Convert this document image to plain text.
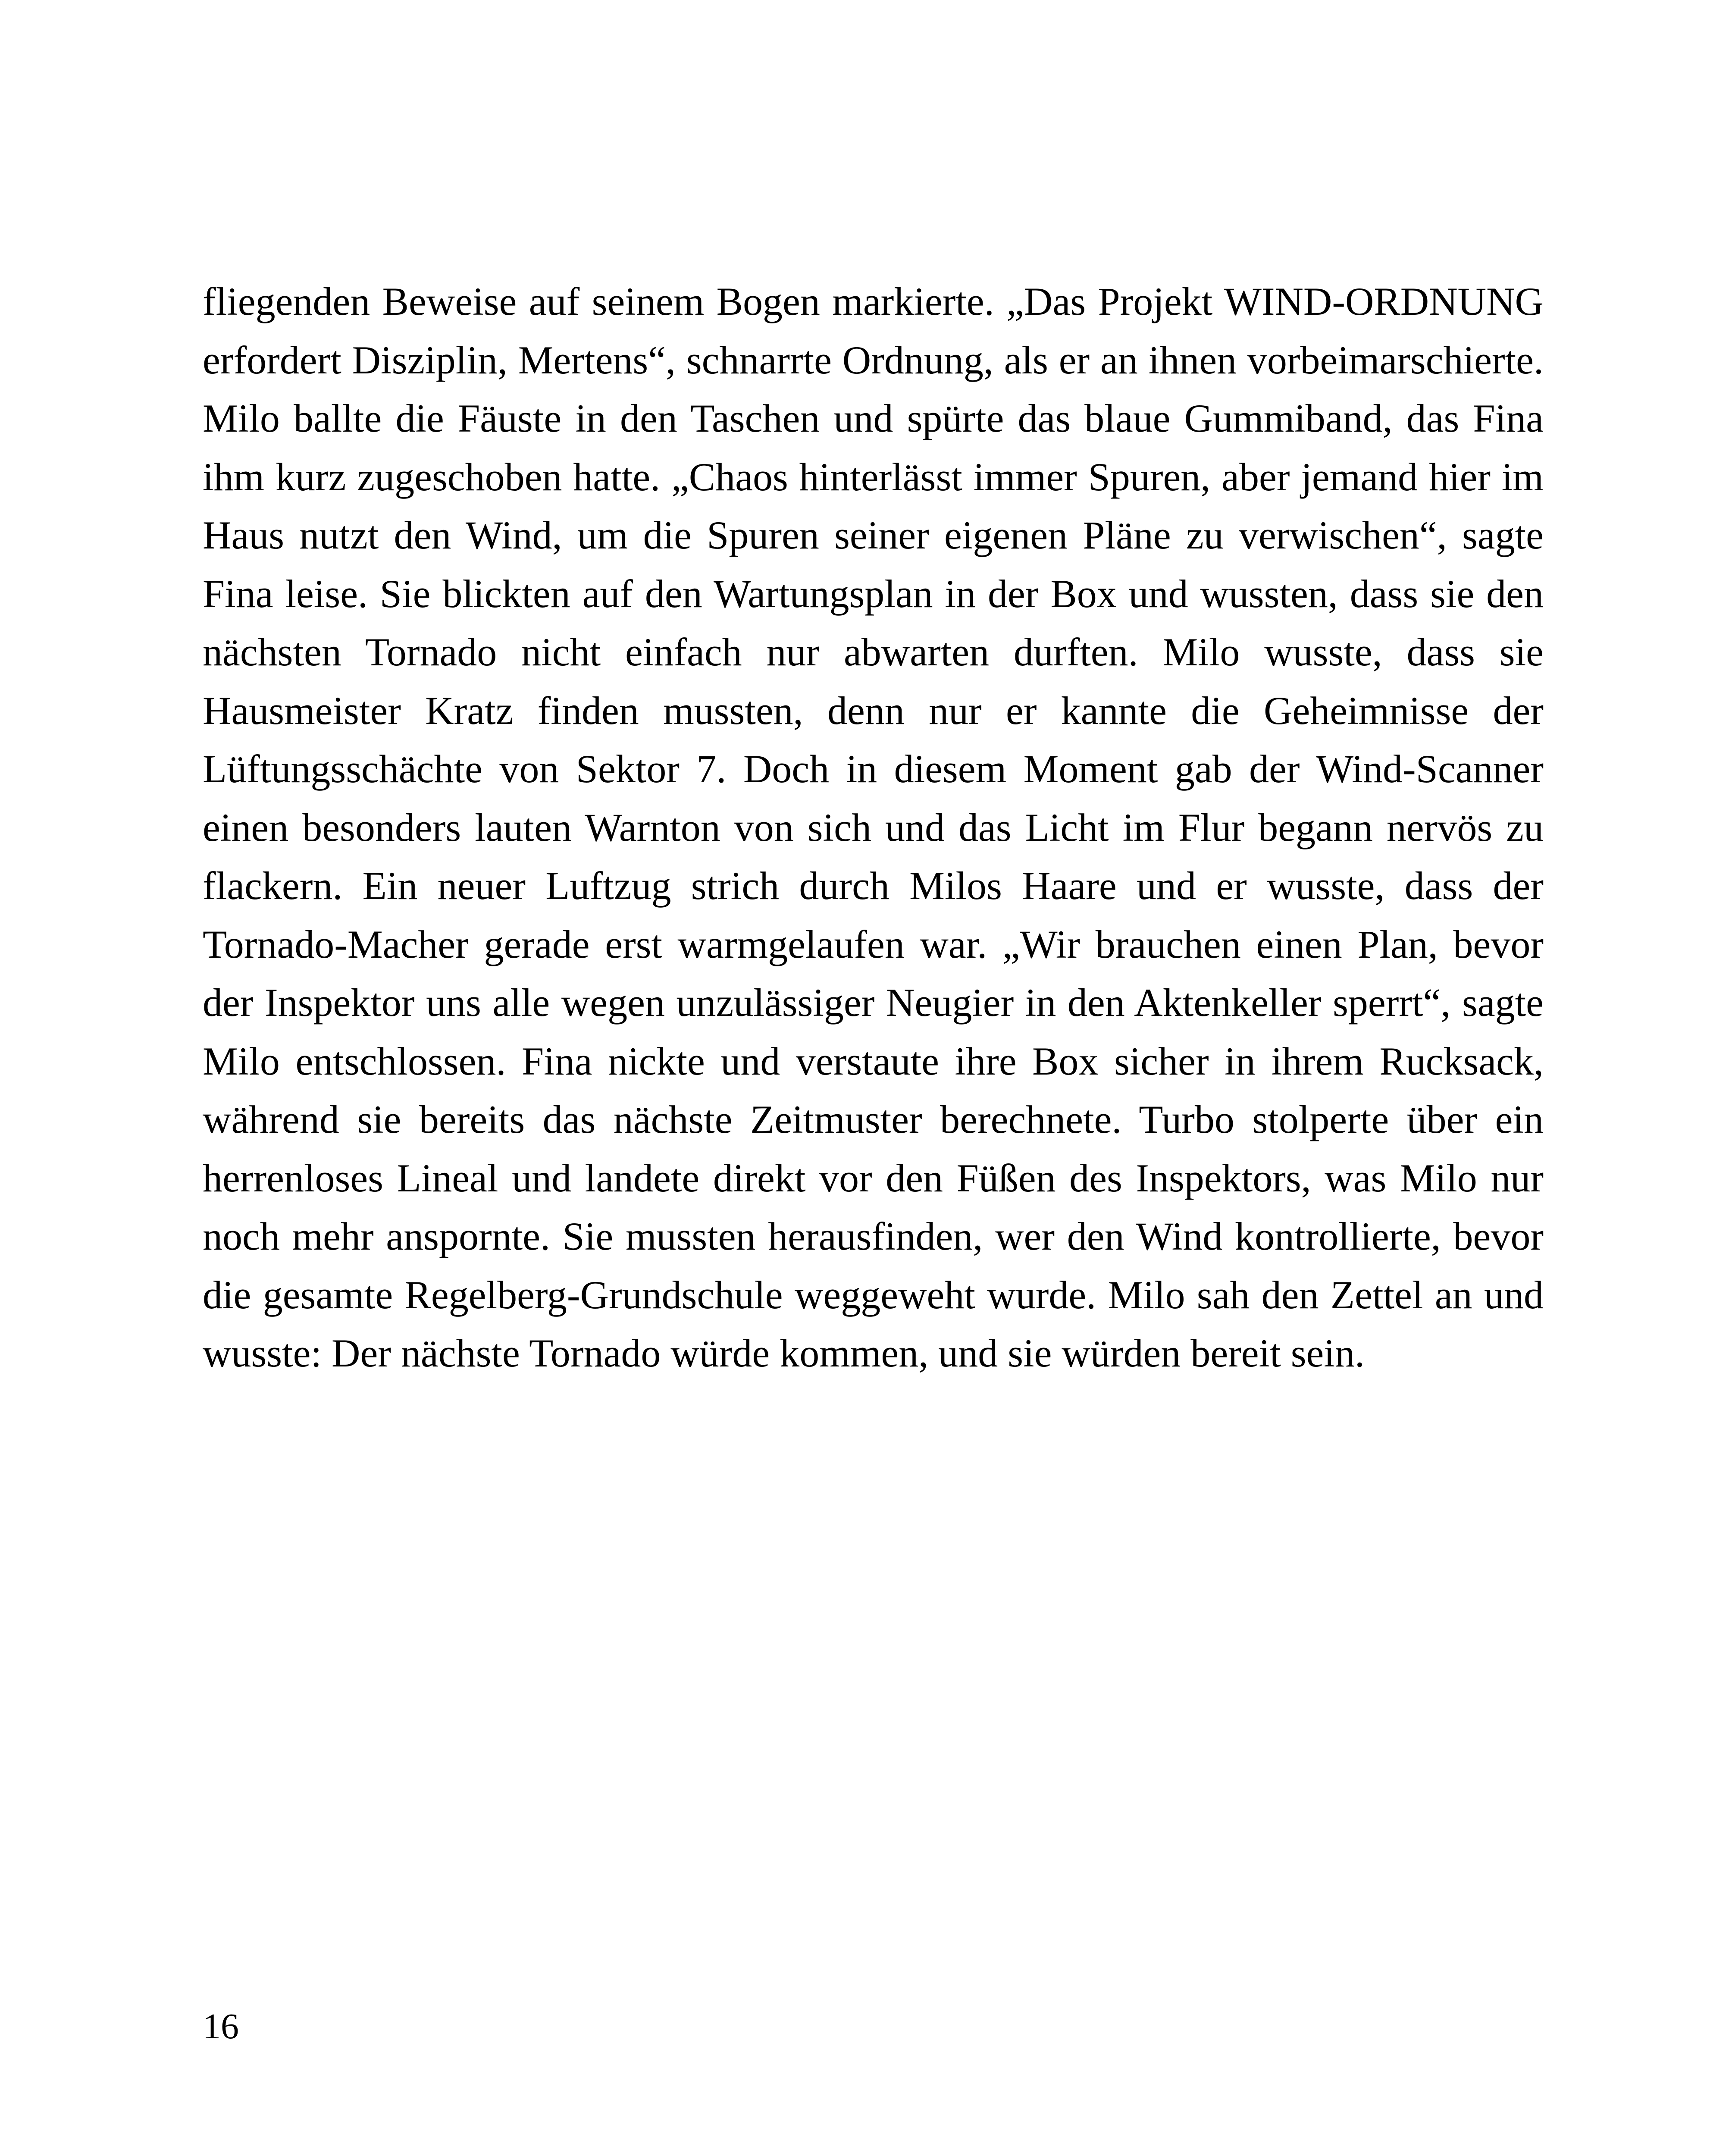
fliegenden Beweise auf seinem Bogen markierte. „Das Projekt WIND-ORDNUNG erfordert Disziplin, Mertens“, schnarrte Ordnung, als er an ihnen vorbeimarschierte. Milo ballte die Fäuste in den Taschen und spürte das blaue Gummiband, das Fina ihm kurz zugeschoben hatte. „Chaos hinterlässt immer Spuren, aber jemand hier im Haus nutzt den Wind, um die Spuren seiner eigenen Pläne zu verwischen“, sagte Fina leise. Sie blickten auf den Wartungsplan in der Box und wussten, dass sie den nächsten Tornado nicht einfach nur abwarten durften. Milo wusste, dass sie Hausmeister Kratz finden mussten, denn nur er kannte die Geheimnisse der Lüftungsschächte von Sektor 7. Doch in diesem Moment gab der Wind-Scanner einen besonders lauten Warnton von sich und das Licht im Flur begann nervös zu flackern. Ein neuer Luftzug strich durch Milos Haare und er wusste, dass der Tornado-Macher gerade erst warmgelaufen war. „Wir brauchen einen Plan, bevor der Inspektor uns alle wegen unzulässiger Neugier in den Aktenkeller sperrt“, sagte Milo entschlossen. Fina nickte und verstaute ihre Box sicher in ihrem Rucksack, während sie bereits das nächste Zeitmuster berechnete. Turbo stolperte über ein herrenloses Lineal und landete direkt vor den Füßen des Inspektors, was Milo nur noch mehr anspornte. Sie mussten herausfinden, wer den Wind kontrollierte, bevor die gesamte Regelberg-Grundschule weggeweht wurde. Milo sah den Zettel an und wusste: Der nächste Tornado würde kommen, und sie würden bereit sein.

16
